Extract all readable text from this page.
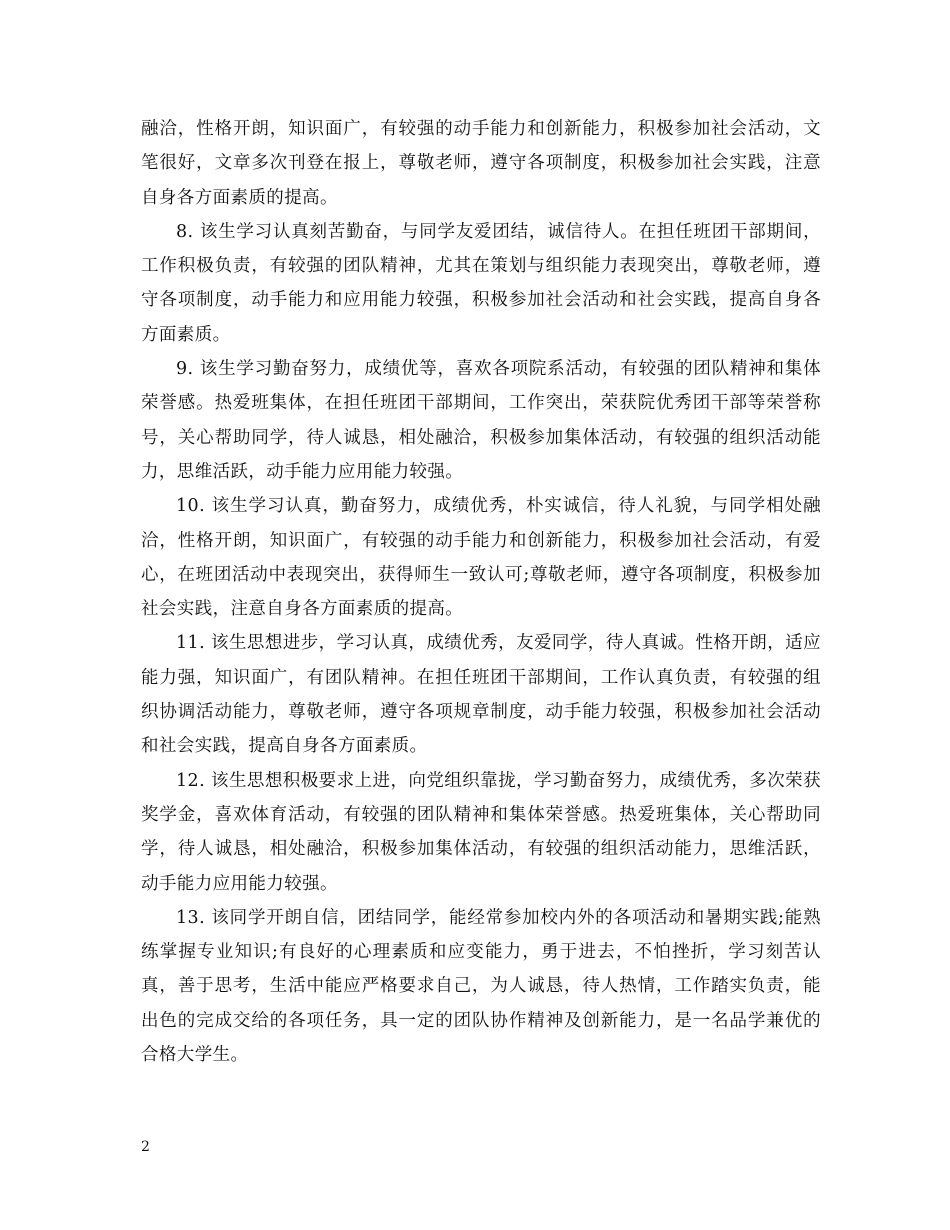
融洽，性格开朗，知识面广，有较强的动手能力和创新能力，积极参加社会活动，文笔很好，文章多次刊登在报上，尊敬老师，遵守各项制度，积极参加社会实践，注意自身各方面素质的提高。

8. 该生学习认真刻苦勤奋，与同学友爱团结，诚信待人。在担任班团干部期间，工作积极负责，有较强的团队精神，尤其在策划与组织能力表现突出，尊敬老师，遵守各项制度，动手能力和应用能力较强，积极参加社会活动和社会实践，提高自身各方面素质。

9. 该生学习勤奋努力，成绩优等，喜欢各项院系活动，有较强的团队精神和集体荣誉感。热爱班集体，在担任班团干部期间，工作突出，荣获院优秀团干部等荣誉称号，关心帮助同学，待人诚恳，相处融洽，积极参加集体活动，有较强的组织活动能力，思维活跃，动手能力应用能力较强。

10. 该生学习认真，勤奋努力，成绩优秀，朴实诚信，待人礼貌，与同学相处融洽，性格开朗，知识面广，有较强的动手能力和创新能力，积极参加社会活动，有爱心，在班团活动中表现突出，获得师生一致认可;尊敬老师，遵守各项制度，积极参加社会实践，注意自身各方面素质的提高。

11. 该生思想进步，学习认真，成绩优秀，友爱同学，待人真诚。性格开朗，适应能力强，知识面广，有团队精神。在担任班团干部期间，工作认真负责，有较强的组织协调活动能力，尊敬老师，遵守各项规章制度，动手能力较强，积极参加社会活动和社会实践，提高自身各方面素质。

12. 该生思想积极要求上进，向党组织靠拢，学习勤奋努力，成绩优秀，多次荣获奖学金，喜欢体育活动，有较强的团队精神和集体荣誉感。热爱班集体，关心帮助同学，待人诚恳，相处融洽，积极参加集体活动，有较强的组织活动能力，思维活跃，动手能力应用能力较强。

13. 该同学开朗自信，团结同学，能经常参加校内外的各项活动和暑期实践;能熟练掌握专业知识;有良好的心理素质和应变能力，勇于进去，不怕挫折，学习刻苦认真，善于思考，生活中能应严格要求自己，为人诚恳，待人热情，工作踏实负责，能出色的完成交给的各项任务，具一定的团队协作精神及创新能力，是一名品学兼优的合格大学生。

2
